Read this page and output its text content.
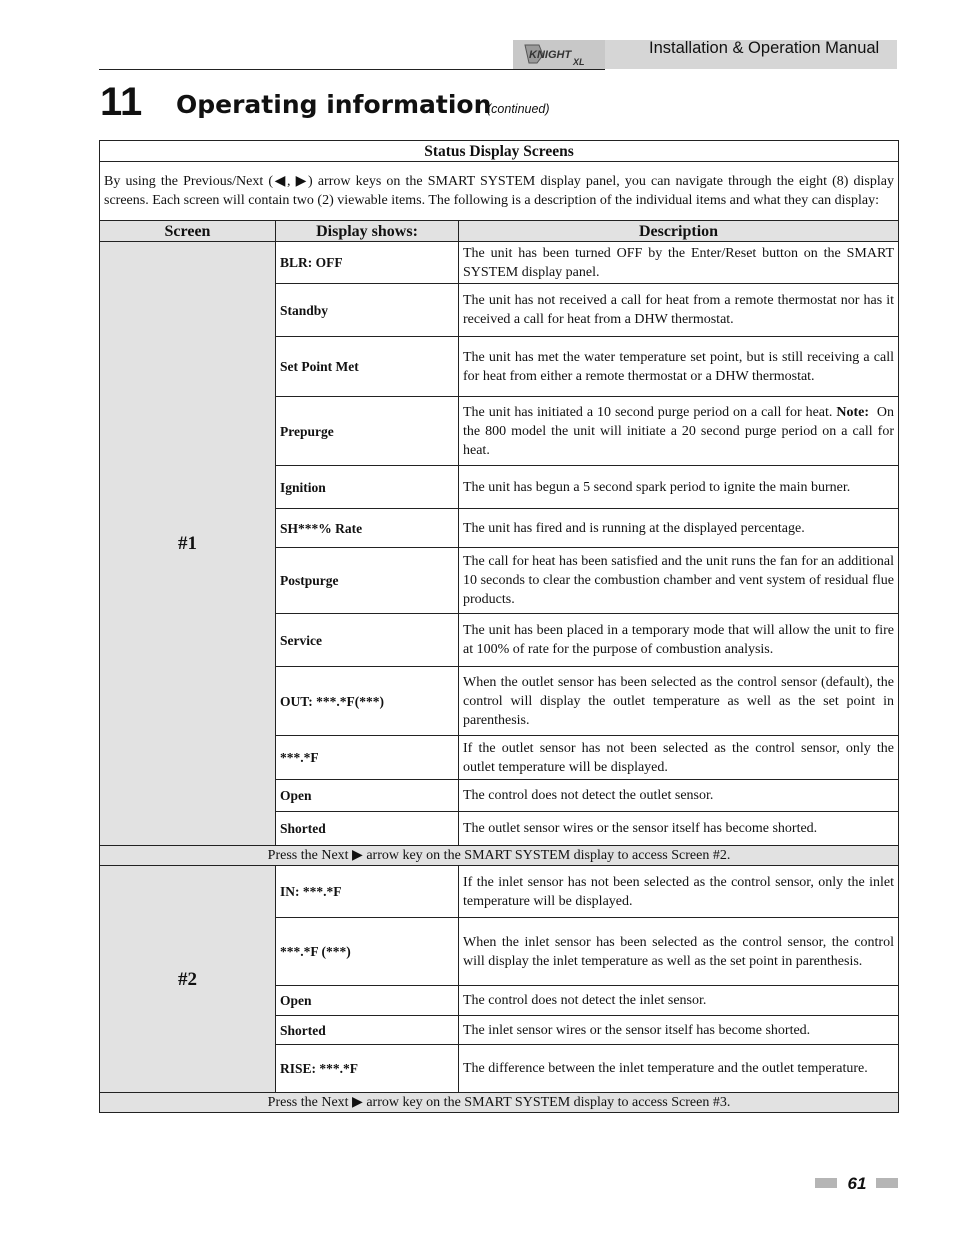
KNIGHT
XL
Installation & Operation Manual
11 Operating information
(continued)
Status Display Screens		
By using the Previous/Next (◀, ▶) arrow keys on the SMART SYSTEM display panel, you can navigate through the eight (8) display screens. Each screen will contain two (2) viewable items. The following is a description of the individual items and what they can display:		
Screen	Display shows:	Description
#1	BLR: OFF	The unit has been turned OFF by the Enter/Reset button on the SMART SYSTEM display panel.
	Standby	The unit has not received a call for heat from a remote thermostat nor has it received a call for heat from a DHW thermostat.
	Set Point Met	The unit has met the water temperature set point, but is still receiving a call for heat from either a remote thermostat or a DHW thermostat.
	Prepurge	The unit has initiated a 10 second purge period on a call for heat. Note: On the 800 model the unit will initiate a 20 second purge period on a call for heat.
	Ignition	The unit has begun a 5 second spark period to ignite the main burner.
	SH***% Rate	The unit has fired and is running at the displayed percentage.
	Postpurge	The call for heat has been satisfied and the unit runs the fan for an additional 10 seconds to clear the combustion chamber and vent system of residual flue products.
	Service	The unit has been placed in a temporary mode that will allow the unit to fire at 100% of rate for the purpose of combustion analysis.
	OUT: ***.*F(***)	When the outlet sensor has been selected as the control sensor (default), the control will display the outlet temperature as well as the set point in parenthesis.
	***.*F	If the outlet sensor has not been selected as the control sensor, only the outlet temperature will be displayed.
	Open	The control does not detect the outlet sensor.
	Shorted	The outlet sensor wires or the sensor itself has become shorted.
Press the Next ▶ arrow key on the SMART SYSTEM display to access Screen #2.		
#2	IN: ***.*F	If the inlet sensor has not been selected as the control sensor, only the inlet temperature will be displayed.
	***.*F (***)	When the inlet sensor has been selected as the control sensor, the control will display the inlet temperature as well as the set point in parenthesis.
	Open	The control does not detect the inlet sensor.
	Shorted	The inlet sensor wires or the sensor itself has become shorted.
	RISE: ***.*F	The difference between the inlet temperature and the outlet temperature.
Press the Next ▶ arrow key on the SMART SYSTEM display to access Screen #3.		
61
